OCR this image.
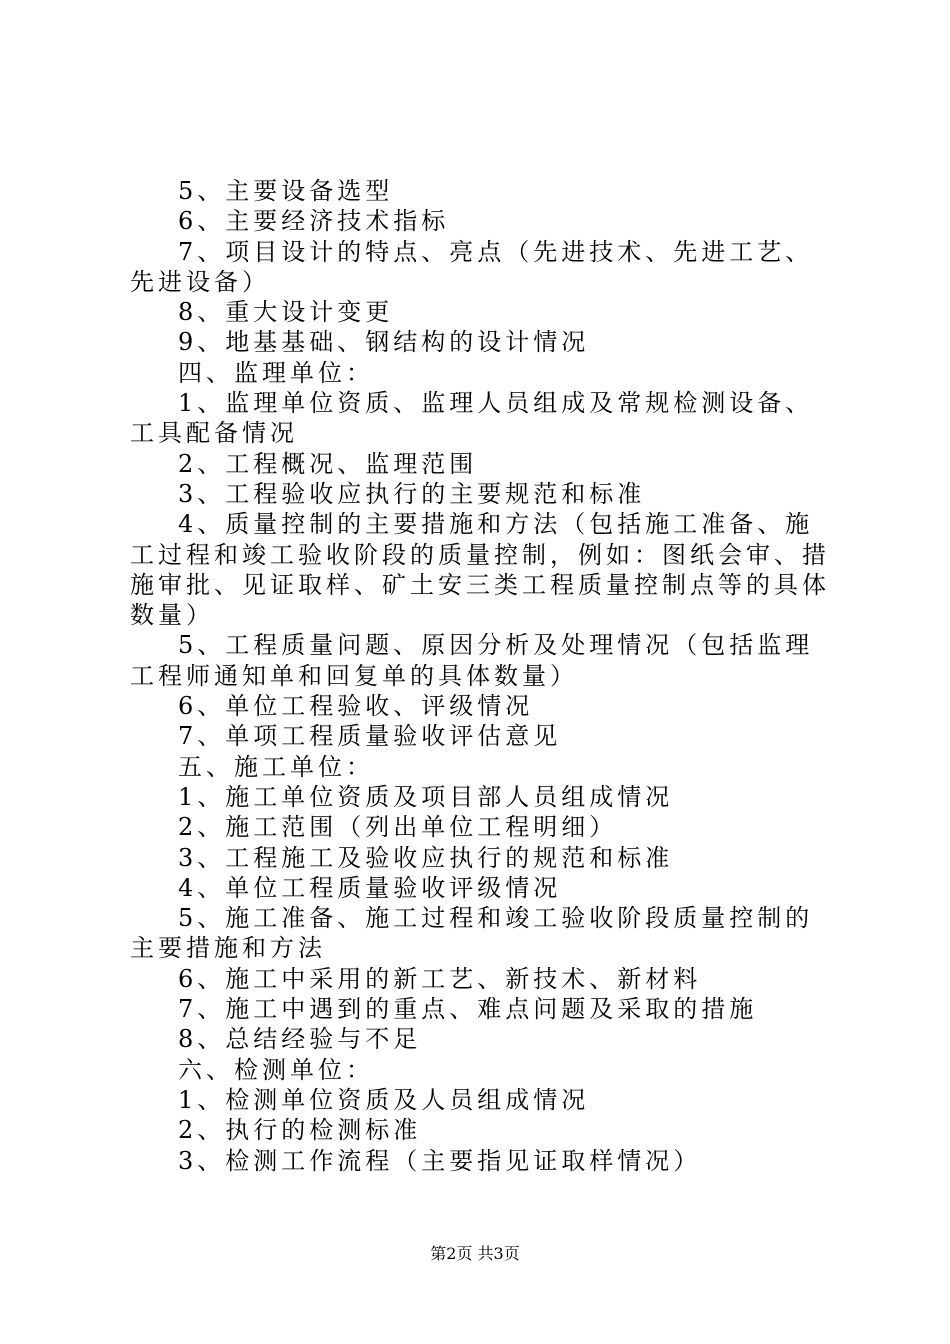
5、主要设备选型

6、主要经济技术指标

7、项目设计的特点、亮点（先进技术、先进工艺、先进设备）

8、重大设计变更

9、地基基础、钢结构的设计情况

四、监理单位：

1、监理单位资质、监理人员组成及常规检测设备、工具配备情况

2、工程概况、监理范围

3、工程验收应执行的主要规范和标准

4、质量控制的主要措施和方法（包括施工准备、施工过程和竣工验收阶段的质量控制，例如：图纸会审、措施审批、见证取样、矿土安三类工程质量控制点等的具体数量）

5、工程质量问题、原因分析及处理情况（包括监理工程师通知单和回复单的具体数量）

6、单位工程验收、评级情况

7、单项工程质量验收评估意见

五、施工单位：

1、施工单位资质及项目部人员组成情况

2、施工范围（列出单位工程明细）

3、工程施工及验收应执行的规范和标准

4、单位工程质量验收评级情况

5、施工准备、施工过程和竣工验收阶段质量控制的主要措施和方法

6、施工中采用的新工艺、新技术、新材料

7、施工中遇到的重点、难点问题及采取的措施

8、总结经验与不足

六、检测单位：

1、检测单位资质及人员组成情况

2、执行的检测标准

3、检测工作流程（主要指见证取样情况）

第2页 共3页
